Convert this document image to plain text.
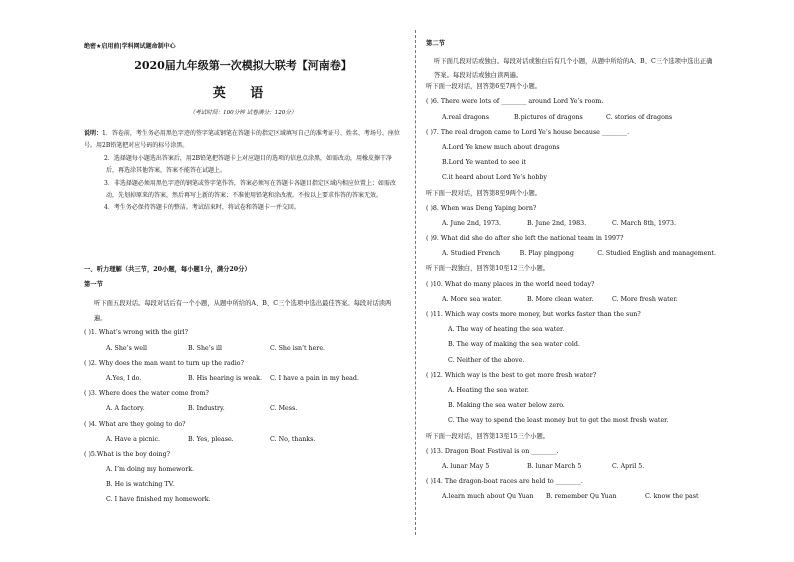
绝密★启用前|学科网试题命制中心
2020届九年级第一次模拟大联考【河南卷】
英 语
（考试时间：100分钟 试卷满分：120分）
说明：1．答卷前，考生务必用黑色字迹的签字笔或钢笔在答题卡的指定区域填写自己的准考证号、姓名、考场号、座位号。用2B铅笔把对应号码的标号涂黑。
2．选择题每小题选出答案后，用2B铅笔把答题卡上对应题目的选项的信息点涂黑，如需改动，用橡皮擦干净后，再选涂其他答案，答案不能答在试题上。
3．非选择题必须用黑色字迹的钢笔或签字笔作答，答案必须写在答题卡各题目指定区域内相应位置上；如需改动，先划掉原来的答案，然后再写上新的答案；不准使用铅笔和涂改液。不按以上要求作答的答案无效。
4．考生务必保持答题卡的整洁。考试结束时，将试卷和答题卡一并交回。
一、听力理解（共三节，20小题，每小题1分，满分20分）
第一节
听下面五段对话。每段对话后有一个小题，从题中所给的A、B、C三个选项中选出最佳答案。每段对话读两遍。
( )1. What’s wrong with the girl?
A. She’s well	B. She’s ill	C. She isn’t here.
( )2. Why does the man want to turn up the radio?
A.Yes, I do.	B. His hearing is weak.	C. I have a pain in my head.
( )3. Where does the water come from?
A. A factory.	B. Industry.	C. Mess.
( )4. What are they going to do?
A. Have a picnic.	B. Yes, please.	C. No, thanks.
( )5.What is the boy doing?
A. I’m doing my homework.
B. He is watching TV.
C. I have finished my homework.
第二节
听下面几段对话或独白。每段对话或独白后有几个小题，从题中所给的A、B、C三个选项中选出正确答案。每段对话或独白读两遍。
听下面一段对话，回答第6至7两个小题。
( )6. There were lots of ________ around Lord Ye’s room.
A.real dragons	B.pictures of dragons	C. stories of dragons
( )7. The real dragon came to Lord Ye’s house because ________.
A.Lord Ye knew much about dragons
B.Lord Ye wanted to see it
C.it heard about Lord Ye’s hobby
听下面一段对话，回答第8至9两个小题。
( )8. When was Deng Yaping born?
A. June 2nd, 1973.	B. June 2nd, 1983.	C. March 8th, 1973.
( )9. What did she do after she left the national team in 1997?
A. Studied French	B. Play pingpong	C. Studied English and management.
听下面一段独白，回答第10至12三个小题。
( )10. What do many places in the world need today?
A. More sea water.	B. More clean water.	C. More fresh water.
( )11. Which way costs more money, but works faster than the sun?
A. The way of heating the sea water.
B. The way of making the sea water cold.
C. Neither of the above.
( )12. Which way is the best to get more fresh water?
A. Heating the sea water.
B. Making the sea water below zero.
C. The way to spend the least money but to get the most fresh water.
听下面一段对话，回答第13至15三个小题。
( )13. Dragon Boat Festival is on ________.
A. lunar May 5	B. lunar March 5	C. April 5.
( )14. The dragon-boat races are held to ________.
A.learn much about Qu Yuan	B. remember Qu Yuan	C. know the past
